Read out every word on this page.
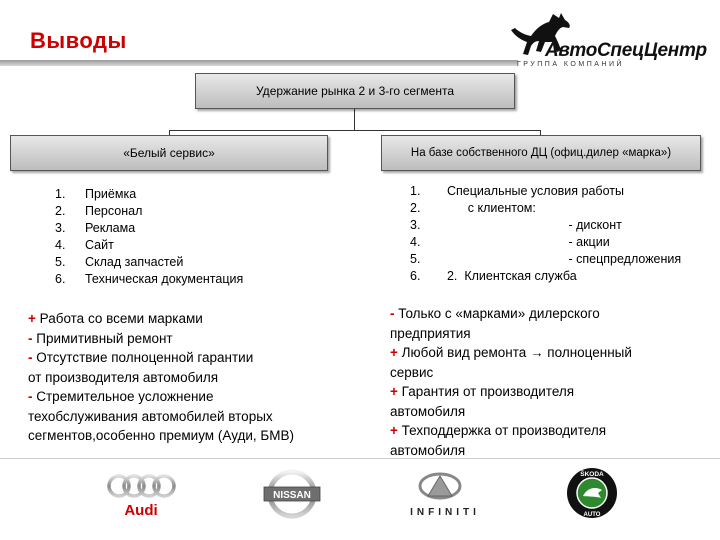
Выводы	АвтоСпецЦентр
ГРУППА КОМПАНИЙ
Удержание рынка 2 и 3-го сегмента
«Белый сервис»	На базе собственного ДЦ (офиц.дилер «марка»)
1.	Приёмка
2.	Персонал
3.	Реклама
4.	Сайт
5.	Склад запчастей
6.	Техническая документация
1.	Специальные условия работы
2.	с клиентом:
3.	- дисконт
4.	- акции
5.	- спецпредложения
6.	2.  Клиентская служба
+ Работа со всеми марками
- Примитивный ремонт
- Отсутствие полноценной гарантии
от производителя автомобиля
- Стремительное усложнение
техобслуживания автомобилей вторых
сегментов,особенно премиум (Ауди, БМВ)
- Только с «марками» дилерского
предприятия
+ Любой вид ремонта → полноценный
сервис
+ Гарантия от производителя
автомобиля
+ Техподдержка от производителя
автомобиля
Audi
NISSAN
INFINITI
ŠKODA
AUTO
